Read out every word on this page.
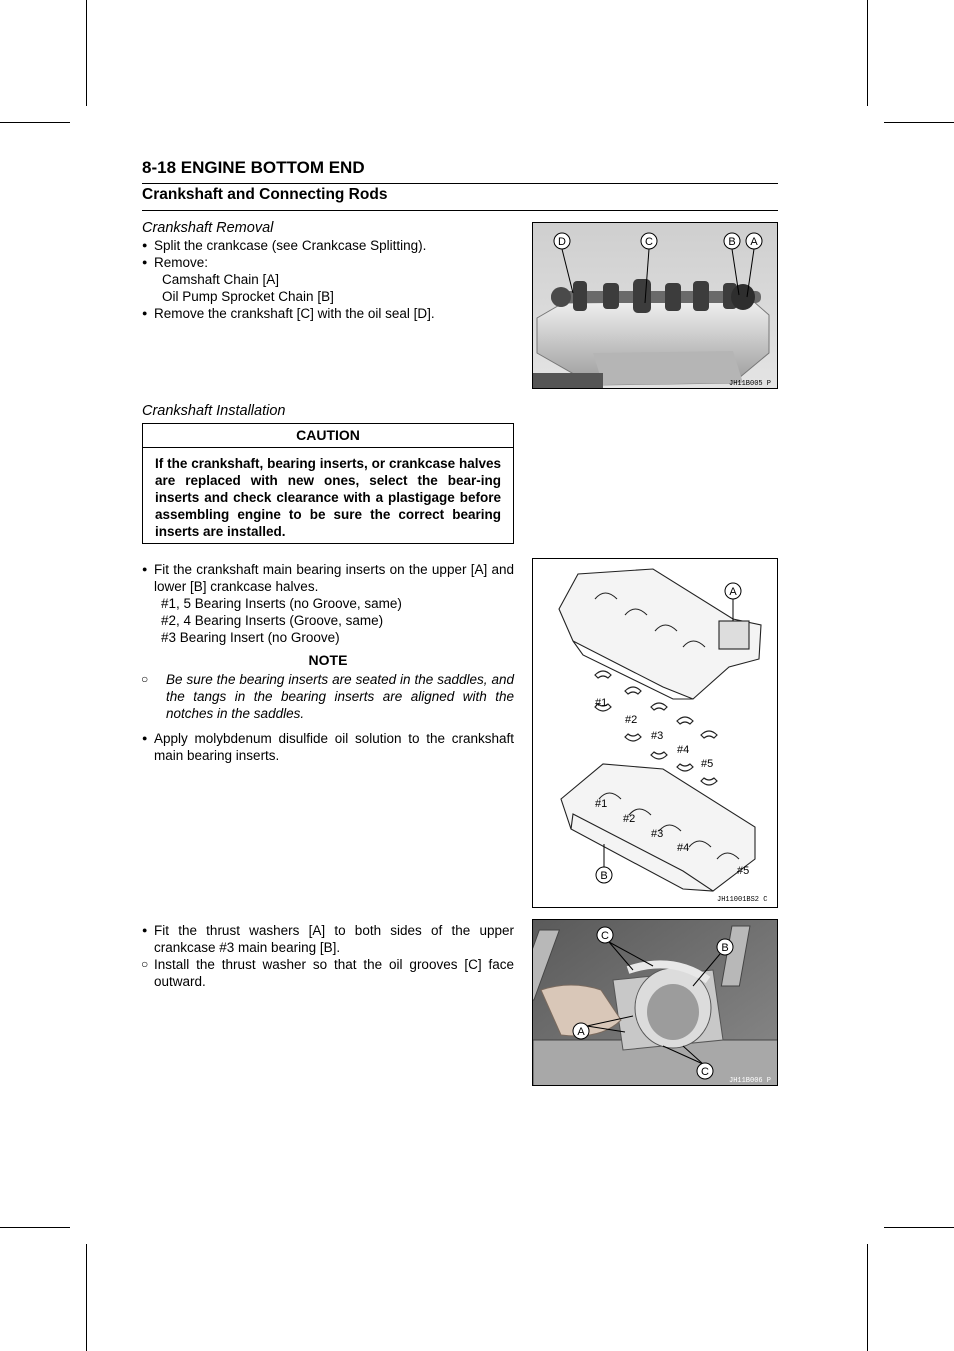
8-18 ENGINE BOTTOM END
Crankshaft and Connecting Rods
Crankshaft Removal
● Split the crankcase (see Crankcase Splitting).
● Remove:
Camshaft Chain [A]
Oil Pump Sprocket Chain [B]
● Remove the crankshaft [C] with the oil seal [D].
D	C	B A
JH11B005 P
Crankshaft Installation
CAUTION
If the crankshaft, bearing inserts, or crankcase halves are replaced with new ones, select the bear-ing inserts and check clearance with a plastigage before assembling engine to be sure the correct bearing inserts are installed.
● Fit the crankshaft main bearing inserts on the upper [A] and lower [B] crankcase halves.
#1, 5 Bearing Inserts (no Groove, same)
#2, 4 Bearing Inserts (Groove, same)
#3 Bearing Insert (no Groove)
NOTE
○ Be sure the bearing inserts are seated in the saddles, and the tangs in the bearing inserts are aligned with the notches in the saddles.
● Apply molybdenum disulfide oil solution to the crankshaft main bearing inserts.
#1
#2
#3
#4
#5
#1
#2
#3
#4
#5
A
B
JH11001BS2 C
● Fit the thrust washers [A] to both sides of the upper crankcase #3 main bearing [B].
○ Install the thrust washer so that the oil grooves [C] face outward.
C
B
A
C
JH11B006 P
